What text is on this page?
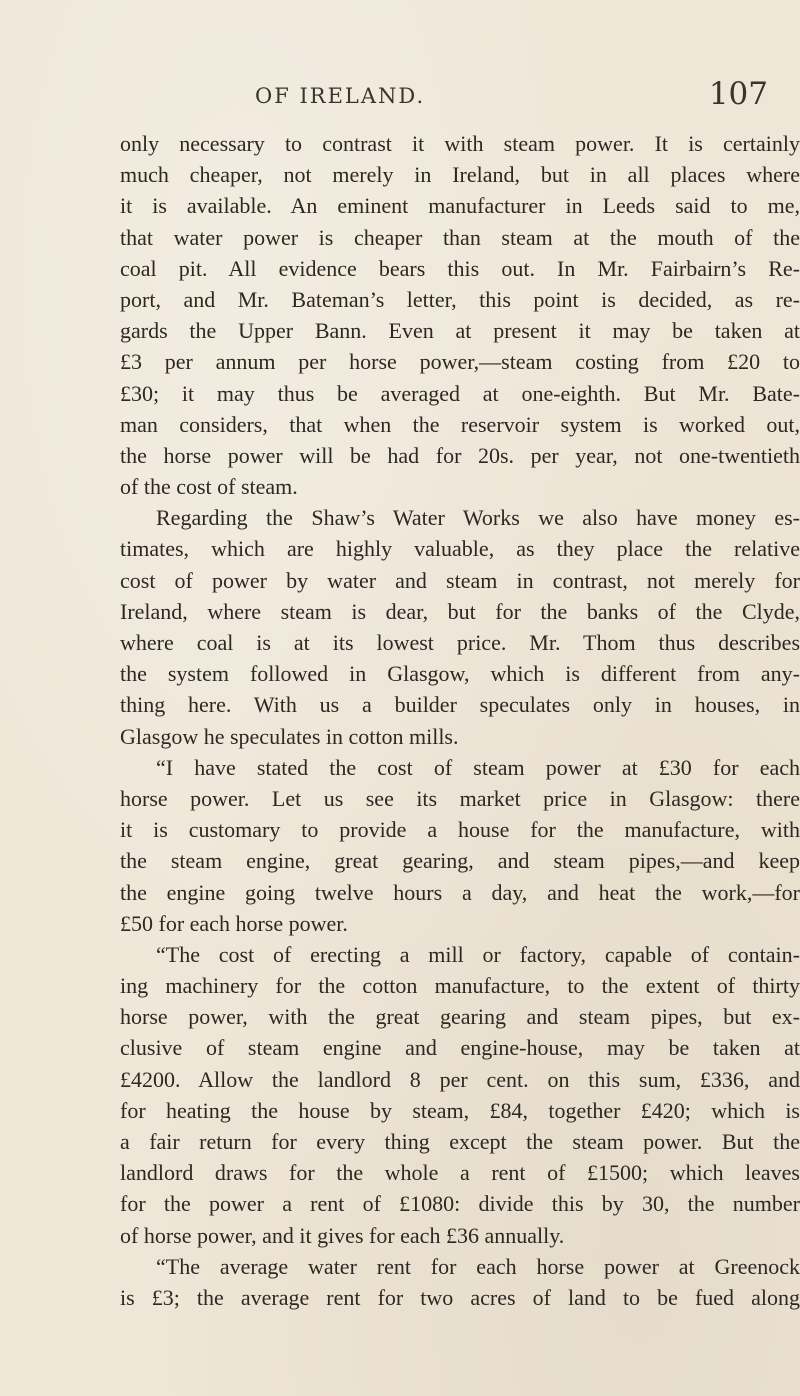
OF IRELAND.	107
only necessary to contrast it with steam power. It is certainly
much cheaper, not merely in Ireland, but in all places where
it is available. An eminent manufacturer in Leeds said to me,
that water power is cheaper than steam at the mouth of the
coal pit. All evidence bears this out. In Mr. Fairbairn’s Re-
port, and Mr. Bateman’s letter, this point is decided, as re-
gards the Upper Bann. Even at present it may be taken at
£3 per annum per horse power,—steam costing from £20 to
£30; it may thus be averaged at one-eighth. But Mr. Bate-
man considers, that when the reservoir system is worked out,
the horse power will be had for 20s. per year, not one-twentieth
of the cost of steam.
Regarding the Shaw’s Water Works we also have money es-
timates, which are highly valuable, as they place the relative
cost of power by water and steam in contrast, not merely for
Ireland, where steam is dear, but for the banks of the Clyde,
where coal is at its lowest price. Mr. Thom thus describes
the system followed in Glasgow, which is different from any-
thing here. With us a builder speculates only in houses, in
Glasgow he speculates in cotton mills.
“I have stated the cost of steam power at £30 for each
horse power. Let us see its market price in Glasgow: there
it is customary to provide a house for the manufacture, with
the steam engine, great gearing, and steam pipes,—and keep
the engine going twelve hours a day, and heat the work,—for
£50 for each horse power.
“The cost of erecting a mill or factory, capable of contain-
ing machinery for the cotton manufacture, to the extent of thirty
horse power, with the great gearing and steam pipes, but ex-
clusive of steam engine and engine-house, may be taken at
£4200. Allow the landlord 8 per cent. on this sum, £336, and
for heating the house by steam, £84, together £420; which is
a fair return for every thing except the steam power. But the
landlord draws for the whole a rent of £1500; which leaves
for the power a rent of £1080: divide this by 30, the number
of horse power, and it gives for each £36 annually.
“The average water rent for each horse power at Greenock
is £3; the average rent for two acres of land to be fued along
